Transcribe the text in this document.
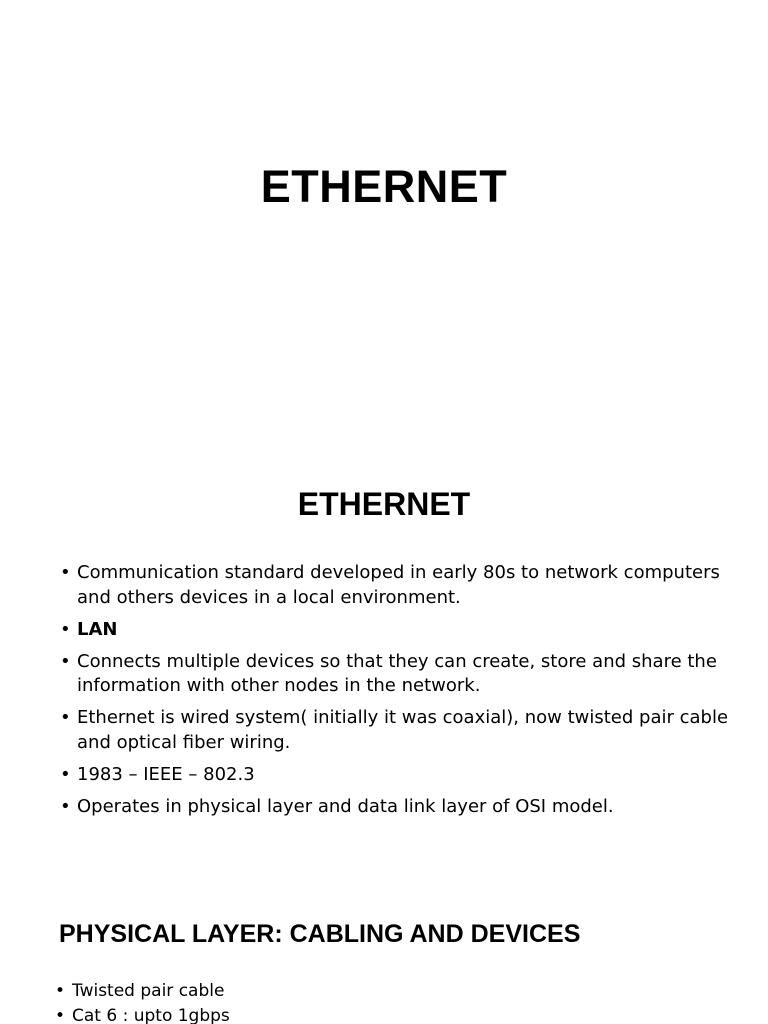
ETHERNET
ETHERNET
• Communication standard developed in early 80s to network computers and others devices in a local environment.
• LAN
• Connects multiple devices so that they can create, store and share the information with other nodes in the network.
• Ethernet is wired system( initially it was coaxial), now twisted pair cable and optical fiber wiring.
• 1983 – IEEE – 802.3
• Operates in physical layer and data link layer of OSI model.
PHYSICAL LAYER: CABLING AND DEVICES
• Twisted pair cable
• Cat 6 : upto 1gbps
